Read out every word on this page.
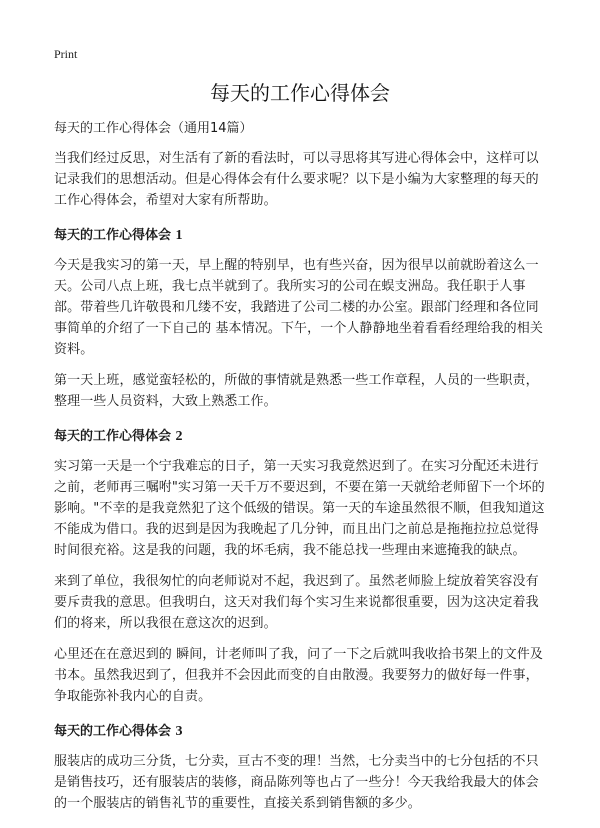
Print
每天的工作心得体会
每天的工作心得体会（通用14篇）

当我们经过反思，对生活有了新的看法时，可以寻思将其写进心得体会中，这样可以记录我们的思想活动。但是心得体会有什么要求呢？以下是小编为大家整理的每天的工作心得体会，希望对大家有所帮助。

每天的工作心得体会 1

今天是我实习的第一天，早上醒的特别早，也有些兴奋，因为很早以前就盼着这么一天。公司八点上班，我七点半就到了。我所实习的公司在蜈支洲岛。我任职于人事部。带着些几许敬畏和几缕不安，我踏进了公司二楼的办公室。跟部门经理和各位同事简单的介绍了一下自己的 基本情况。下午，一个人静静地坐着看看经理给我的相关资料。

第一天上班，感觉蛮轻松的，所做的事情就是熟悉一些工作章程，人员的一些职责，整理一些人员资料，大致上熟悉工作。

每天的工作心得体会 2

实习第一天是一个宁我难忘的日子，第一天实习我竟然迟到了。在实习分配还未进行之前，老师再三嘱咐"实习第一天千万不要迟到，不要在第一天就给老师留下一个坏的影响。"不幸的是我竟然犯了这个低级的错误。第一天的车途虽然很不顺，但我知道这不能成为借口。我的迟到是因为我晚起了几分钟，而且出门之前总是拖拖拉拉总觉得时间很充裕。这是我的问题，我的坏毛病，我不能总找一些理由来遮掩我的缺点。

来到了单位，我很匆忙的向老师说对不起，我迟到了。虽然老师脸上绽放着笑容没有要斥责我的意思。但我明白，这天对我们每个实习生来说都很重要，因为这决定着我们的将来，所以我很在意这次的迟到。

心里还在在意迟到的 瞬间，计老师叫了我，问了一下之后就叫我收拾书架上的文件及书本。虽然我迟到了，但我并不会因此而变的自由散漫。我要努力的做好每一件事，争取能弥补我内心的自责。

每天的工作心得体会 3

服装店的成功三分货，七分卖，亘古不变的理！当然，七分卖当中的七分包括的不只是销售技巧，还有服装店的装修，商品陈列等也占了一些分！今天我给我最大的体会的一个服装店的销售礼节的重要性，直接关系到销售额的多少。
